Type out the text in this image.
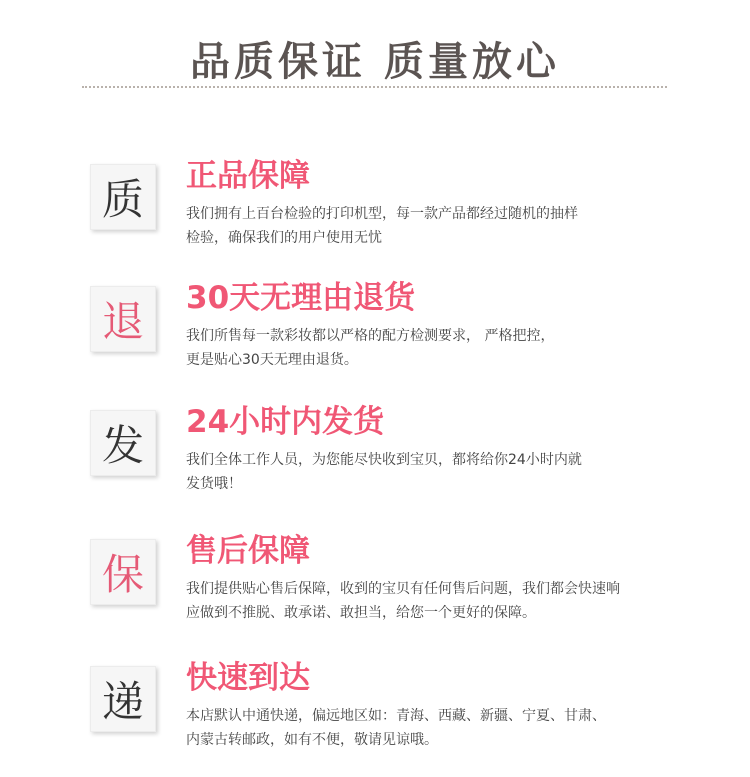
品质保证 质量放心
质	正品保障
我们拥有上百台检验的打印机型，每一款产品都经过随机的抽样
检验，确保我们的用户使用无忧
退	30天无理由退货
我们所售每一款彩妆都以严格的配方检测要求， 严格把控，
更是贴心30天无理由退货。
发	24小时内发货
我们全体工作人员，为您能尽快收到宝贝，都将给你24小时内就
发货哦！
保	售后保障
我们提供贴心售后保障，收到的宝贝有任何售后问题，我们都会快速响
应做到不推脱、敢承诺、敢担当，给您一个更好的保障。
递	快速到达
本店默认中通快递，偏远地区如：青海、西藏、新疆、宁夏、甘肃、
内蒙古转邮政，如有不便，敬请见谅哦。
